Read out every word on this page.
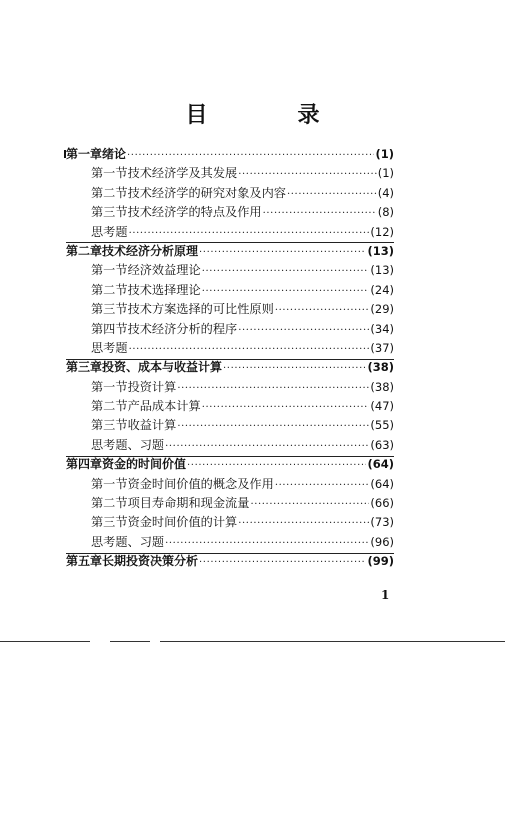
目　录
第一章 绪论 ·····	(1)
第一节 技术经济学及其发展 ·····	(1)
第二节 技术经济学的研究对象及内容 ·····	(4)
第三节 技术经济学的特点及作用 ·····	(8)
思考题 ·····	(12)
第二章 技术经济分析原理 ·····	(13)
第一节 经济效益理论 ·····	(13)
第二节 技术选择理论 ·····	(24)
第三节 技术方案选择的可比性原则 ·····	(29)
第四节 技术经济分析的程序 ·····	(34)
思考题 ·····	(37)
第三章 投资、成本与收益计算 ·····	(38)
第一节 投资计算 ·····	(38)
第二节 产品成本计算 ·····	(47)
第三节 收益计算 ·····	(55)
思考题、习题 ·····	(63)
第四章 资金的时间价值 ·····	(64)
第一节 资金时间价值的概念及作用 ·····	(64)
第二节 项目寿命期和现金流量 ·····	(66)
第三节 资金时间价值的计算 ·····	(73)
思考题、习题 ·····	(96)
第五章 长期投资决策分析 ·····	(99)
1
